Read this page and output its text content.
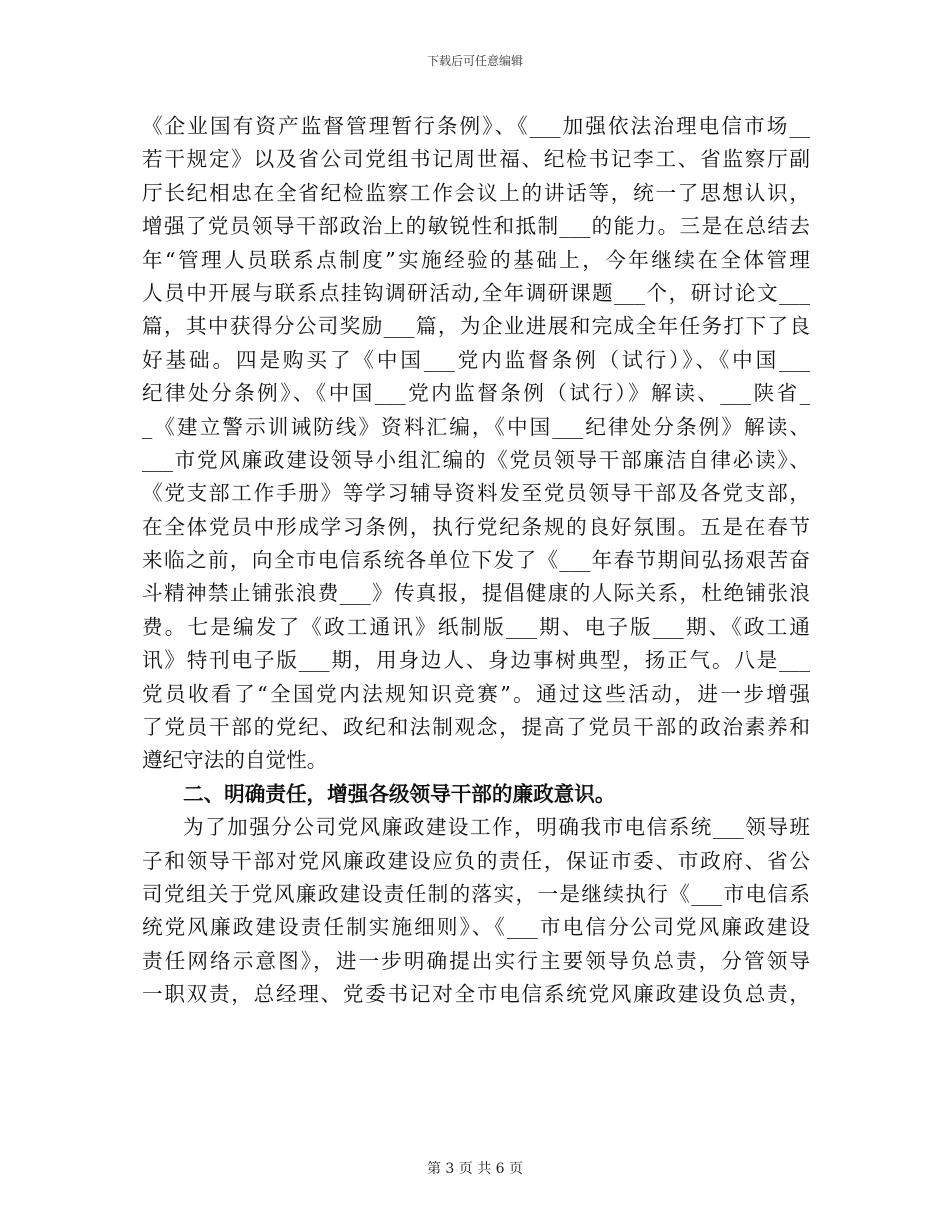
下载后可任意编辑
《企业国有资产监督管理暂行条例》、《___加强依法治理电信市场__
若干规定》以及省公司党组书记周世福、纪检书记李工、省监察厅副
厅长纪相忠在全省纪检监察工作会议上的讲话等，统一了思想认识，
增强了党员领导干部政治上的敏锐性和抵制___的能力。三是在总结去
年“管理人员联系点制度”实施经验的基础上，今年继续在全体管理
人员中开展与联系点挂钩调研活动,全年调研课题___个，研讨论文___
篇，其中获得分公司奖励___篇，为企业进展和完成全年任务打下了良
好基础。四是购买了《中国___党内监督条例（试行）》、《中国___
纪律处分条例》、《中国___党内监督条例（试行）》解读、___陕省_
_《建立警示训诫防线》资料汇编，《中国___纪律处分条例》解读、
___市党风廉政建设领导小组汇编的《党员领导干部廉洁自律必读》、
《党支部工作手册》等学习辅导资料发至党员领导干部及各党支部，
在全体党员中形成学习条例，执行党纪条规的良好氛围。五是在春节
来临之前，向全市电信系统各单位下发了《___年春节期间弘扬艰苦奋
斗精神禁止铺张浪费___》传真报，提倡健康的人际关系，杜绝铺张浪
费。七是编发了《政工通讯》纸制版___期、电子版___期、《政工通
讯》特刊电子版___期，用身边人、身边事树典型，扬正气。八是___
党员收看了“全国党内法规知识竞赛”。通过这些活动，进一步增强
了党员干部的党纪、政纪和法制观念，提高了党员干部的政治素养和
遵纪守法的自觉性。
二、明确责任，增强各级领导干部的廉政意识。
为了加强分公司党风廉政建设工作，明确我市电信系统___领导班
子和领导干部对党风廉政建设应负的责任，保证市委、市政府、省公
司党组关于党风廉政建设责任制的落实，一是继续执行《___市电信系
统党风廉政建设责任制实施细则》、《___市电信分公司党风廉政建设
责任网络示意图》，进一步明确提出实行主要领导负总责，分管领导
一职双责，总经理、党委书记对全市电信系统党风廉政建设负总责，
第 3 页 共 6 页
